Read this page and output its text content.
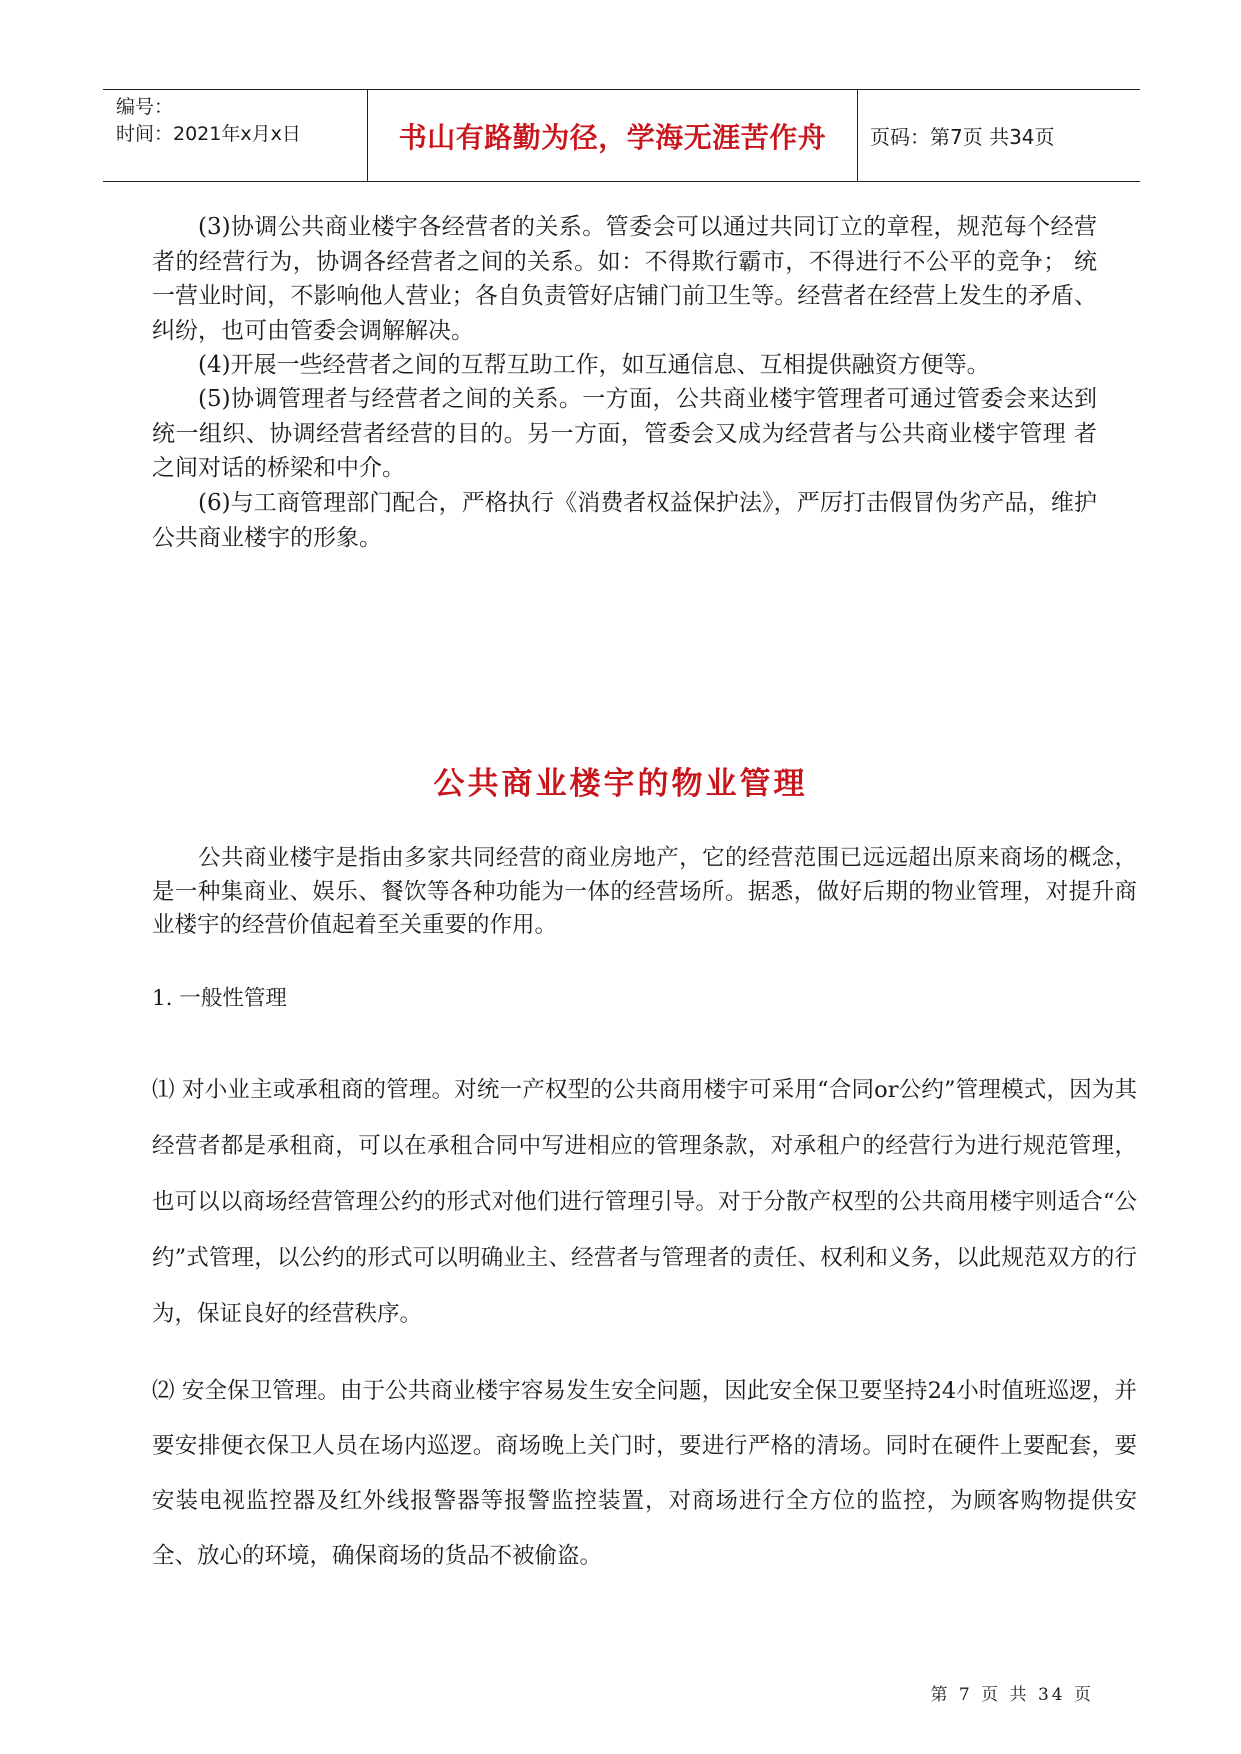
编号：
时间：2021年x月x日	书山有路勤为径，学海无涯苦作舟	页码：第7页 共34页

(3)协调公共商业楼宇各经营者的关系。管委会可以通过共同订立的章程，规范每个经营者的经营行为，协调各经营者之间的关系。如：不得欺行霸市，不得进行不公平的竞争； 统一营业时间，不影响他人营业；各自负责管好店铺门前卫生等。经营者在经营上发生的矛盾、纠纷，也可由管委会调解解决。

(4)开展一些经营者之间的互帮互助工作，如互通信息、互相提供融资方便等。

(5)协调管理者与经营者之间的关系。一方面，公共商业楼宇管理者可通过管委会来达到统一组织、协调经营者经营的目的。另一方面，管委会又成为经营者与公共商业楼宇管理 者之间对话的桥梁和中介。

(6)与工商管理部门配合，严格执行《消费者权益保护法》，严厉打击假冒伪劣产品，维护公共商业楼宇的形象。

公共商业楼宇的物业管理

公共商业楼宇是指由多家共同经营的商业房地产，它的经营范围已远远超出原来商场的概念，是一种集商业、娱乐、餐饮等各种功能为一体的经营场所。据悉，做好后期的物业管理，对提升商业楼宇的经营价值起着至关重要的作用。

1. 一般性管理

⑴ 对小业主或承租商的管理。对统一产权型的公共商用楼宇可采用“合同or公约”管理模式，因为其经营者都是承租商，可以在承租合同中写进相应的管理条款，对承租户的经营行为进行规范管理，也可以以商场经营管理公约的形式对他们进行管理引导。对于分散产权型的公共商用楼宇则适合“公约”式管理，以公约的形式可以明确业主、经营者与管理者的责任、权利和义务，以此规范双方的行为，保证良好的经营秩序。

⑵ 安全保卫管理。由于公共商业楼宇容易发生安全问题，因此安全保卫要坚持24小时值班巡逻，并要安排便衣保卫人员在场内巡逻。商场晚上关门时，要进行严格的清场。同时在硬件上要配套，要安装电视监控器及红外线报警器等报警监控装置，对商场进行全方位的监控，为顾客购物提供安全、放心的环境，确保商场的货品不被偷盗。

第 7 页 共 34 页
